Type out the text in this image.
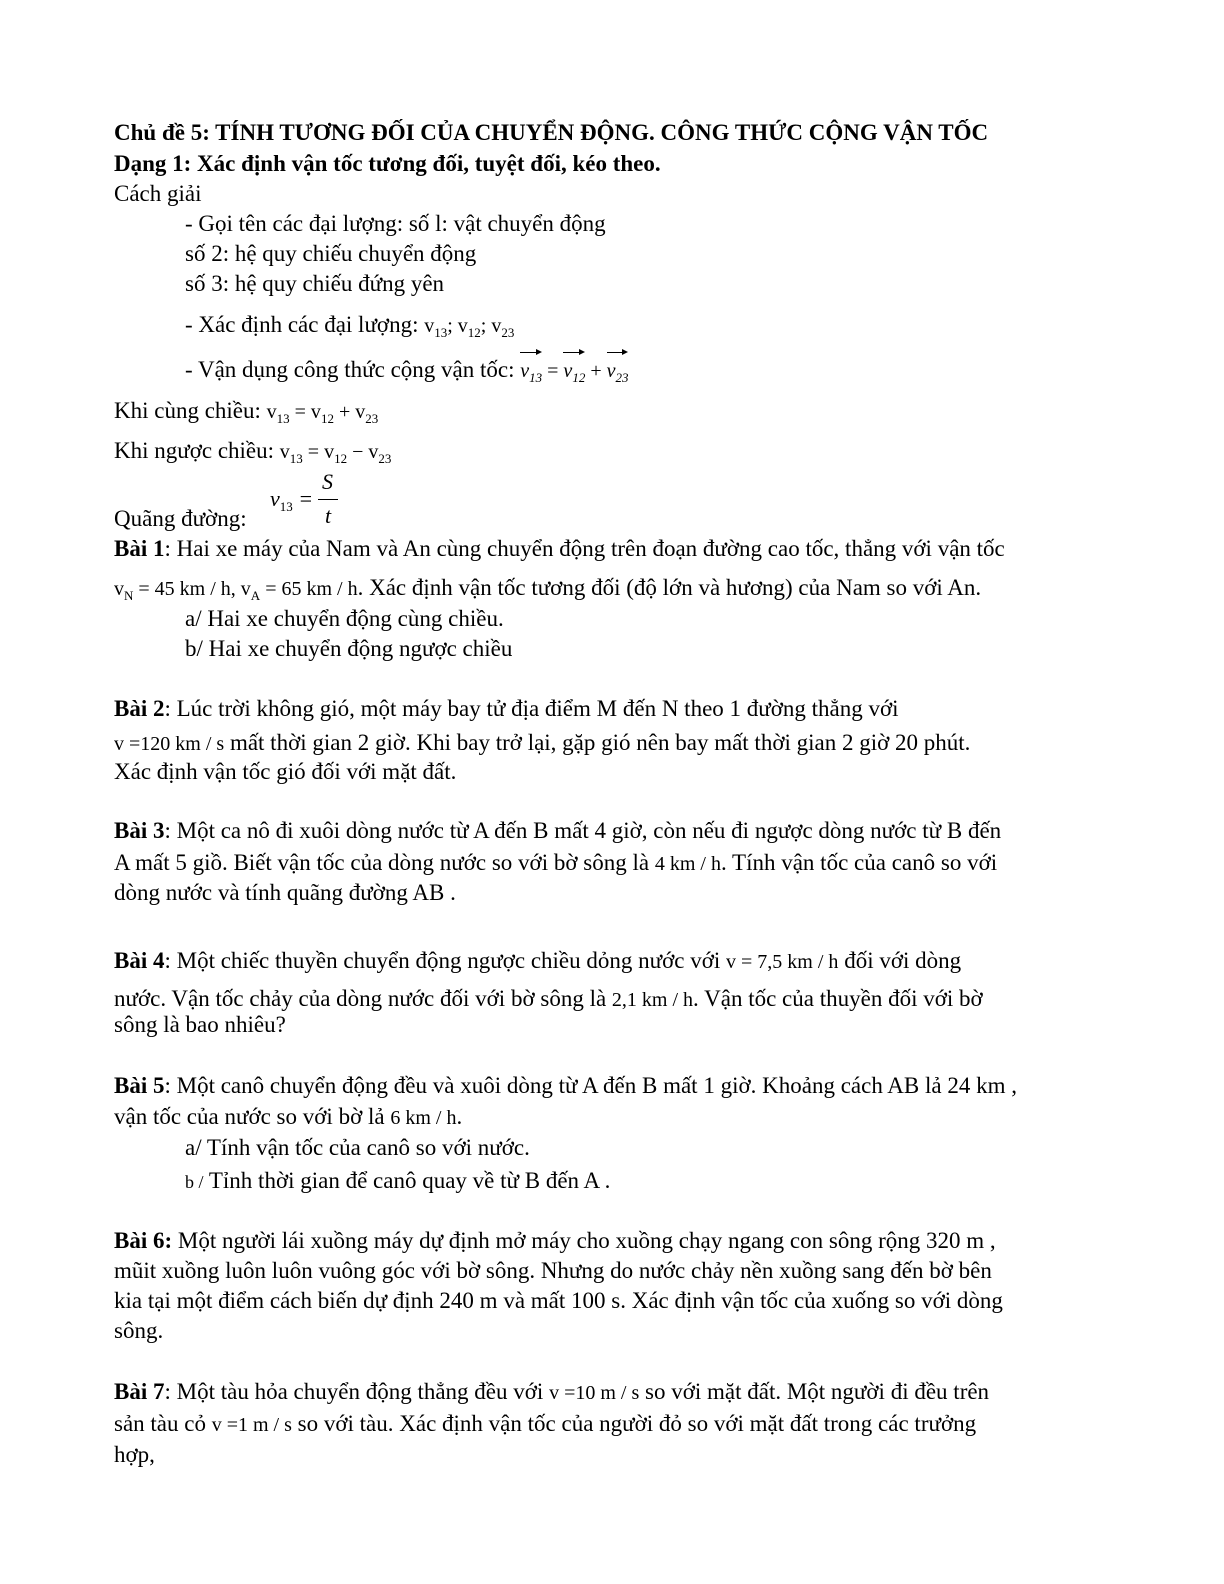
Chủ đề 5: TÍNH TƯƠNG ĐỐI CỦA CHUYỂN ĐỘNG. CÔNG THỨC CỘNG VẬN TỐC
Dạng 1: Xác định vận tốc tương đối, tuyệt đối, kéo theo.
Cách giải
- Gọi tên các đại lượng: số l: vật chuyển động
số 2: hệ quy chiếu chuyển động
số 3: hệ quy chiếu đứng yên
- Xác định các đại lượng: $v_{13}$; $v_{12}$; $v_{23}$
- Vận dụng công thức cộng vận tốc: $v_{13} = v_{12} + v_{23}$
Khi cùng chiều: $v_{13} = v_{12} + v_{23}$
Khi ngược chiều: $v_{13} = v_{12} - v_{23}$
Quãng đường:
$v_{13}$ =
S
t
Bài 1: Hai xe máy của Nam và An cùng chuyển động trên đoạn đường cao tốc, thẳng với vận tốc
$v_N = 45$ km / h, $v_A = 65$ km / h. Xác định vận tốc tương đối (độ lớn và hương) của Nam so với An.
a/ Hai xe chuyển động cùng chiều.
b/ Hai xe chuyển động ngược chiều
Bài 2: Lúc trời không gió, một máy bay tử địa điểm M đến N theo 1 đường thẳng với
v =120 km / s mất thời gian 2 giờ. Khi bay trở lại, gặp gió nên bay mất thời gian 2 giờ 20 phút.
Xác định vận tốc gió đối với mặt đất.
Bài 3: Một ca nô đi xuôi dòng nước từ A đến B mất 4 giờ, còn nếu đi ngược dòng nước từ B đến
A mất 5 giồ. Biết vận tốc của dòng nước so với bờ sông là 4 km / h. Tính vận tốc của canô so với
dòng nước và tính quãng đường AB .
Bài 4: Một chiếc thuyền chuyển động ngược chiều dỏng nước với v = 7,5 km / h đối với dòng
nước. Vận tốc chảy của dòng nước đối với bờ sông là 2,1 km / h. Vận tốc của thuyền đối với bờ
sông là bao nhiêu?
Bài 5: Một canô chuyển động đều và xuôi dòng từ A đến B mất 1 giờ. Khoảng cách AB lả 24 km ,
vận tốc của nước so với bờ lả 6 km / h.
a/ Tính vận tốc của canô so với nước.
b / Tỉnh thời gian để canô quay về từ B đến A .
Bài 6: Một người lái xuồng máy dự định mở máy cho xuồng chạy ngang con sông rộng 320 m ,
mũit xuồng luôn luôn vuông góc với bờ sông. Nhưng do nước chảy nền xuồng sang đến bờ bên
kia tại một điểm cách biến dự định 240 m và mất 100 s. Xác định vận tốc của xuống so với dòng
sông.
Bài 7: Một tàu hỏa chuyển động thẳng đều với v =10 m / s so với mặt đất. Một người đi đều trên
sản tàu cỏ v =1 m / s so với tàu. Xác định vận tốc của người đỏ so với mặt đất trong các trưởng
hợp,
